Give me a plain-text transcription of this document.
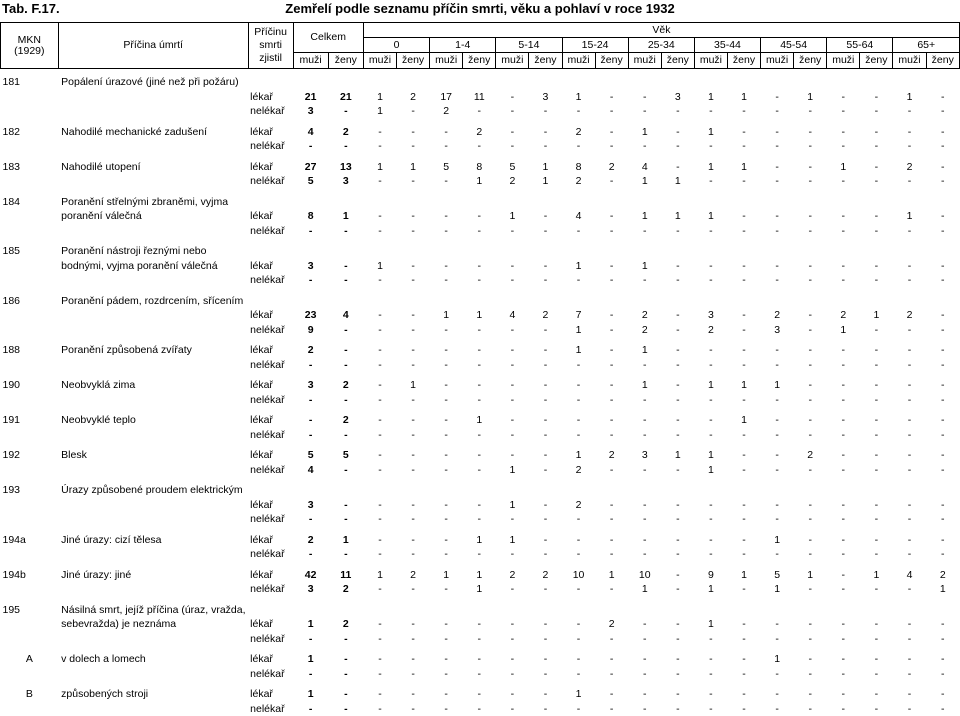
Tab. F.17.	Zemřelí podle seznamu příčin smrti, věku a pohlaví v roce 1932
MKN
(1929)	Příčina úmrtí	Příčinu smrti zjistil	Celkem		Věk																	
					0		1-4		5-14		15-24		25-34		35-44		45-54		55-64		65+	
			muži	ženy	muži	ženy	muži	ženy	muži	ženy	muži	ženy	muži	ženy	muži	ženy	muži	ženy	muži	ženy	muži	ženy

181	Popálení úrazové (jiné než při požáru)																					
		lékař	21	21	1	2	17	11	-	3	1	-	-	3	1	1	-	1	-	-	1	-
		nelékař	3	-	1	-	2	-	-	-	-	-	-	-	-	-	-	-	-	-	-	-

182	Nahodilé mechanické zadušení	lékař	4	2	-	-	-	2	-	-	2	-	1	-	1	-	-	-	-	-	-	-
		nelékař	-	-	-	-	-	-	-	-	-	-	-	-	-	-	-	-	-	-	-	-

183	Nahodilé utopení	lékař	27	13	1	1	5	8	5	1	8	2	4	-	1	1	-	-	1	-	2	-
		nelékař	5	3	-	-	-	1	2	1	2	-	1	1	-	-	-	-	-	-	-	-

184	Poranění střelnými zbraněmi, vyjma poranění válečná																					
		lékař	8	1	-	-	-	-	1	-	4	-	1	1	1	-	-	-	-	-	1	-
		nelékař	-	-	-	-	-	-	-	-	-	-	-	-	-	-	-	-	-	-	-	-

185	Poranění nástroji řeznými nebo bodnými, vyjma poranění válečná																					
		lékař	3	-	1	-	-	-	-	-	1	-	1	-	-	-	-	-	-	-	-	-
		nelékař	-	-	-	-	-	-	-	-	-	-	-	-	-	-	-	-	-	-	-	-

186	Poranění pádem, rozdrcením, sřícením																					
		lékař	23	4	-	-	1	1	4	2	7	-	2	-	3	-	2	-	2	1	2	-
		nelékař	9	-	-	-	-	-	-	-	1	-	2	-	2	-	3	-	1	-	-	-

188	Poranění způsobená zvířaty	lékař	2	-	-	-	-	-	-	-	1	-	1	-	-	-	-	-	-	-	-	-
		nelékař	-	-	-	-	-	-	-	-	-	-	-	-	-	-	-	-	-	-	-	-

190	Neobvyklá zima	lékař	3	2	-	1	-	-	-	-	-	-	1	-	1	1	1	-	-	-	-	-
		nelékař	-	-	-	-	-	-	-	-	-	-	-	-	-	-	-	-	-	-	-	-

191	Neobvyklé teplo	lékař	-	2	-	-	-	1	-	-	-	-	-	-	-	1	-	-	-	-	-	-
		nelékař	-	-	-	-	-	-	-	-	-	-	-	-	-	-	-	-	-	-	-	-

192	Blesk	lékař	5	5	-	-	-	-	-	-	1	2	3	1	1	-	-	2	-	-	-	-
		nelékař	4	-	-	-	-	-	1	-	2	-	-	-	1	-	-	-	-	-	-	-

193	Úrazy způsobené proudem elektrickým																					
		lékař	3	-	-	-	-	-	1	-	2	-	-	-	-	-	-	-	-	-	-	-
		nelékař	-	-	-	-	-	-	-	-	-	-	-	-	-	-	-	-	-	-	-	-

194a	Jiné úrazy: cizí tělesa	lékař	2	1	-	-	-	1	1	-	-	-	-	-	-	-	1	-	-	-	-	-
		nelékař	-	-	-	-	-	-	-	-	-	-	-	-	-	-	-	-	-	-	-	-

194b	Jiné úrazy: jiné	lékař	42	11	1	2	1	1	2	2	10	1	10	-	9	1	5	1	-	1	4	2
		nelékař	3	2	-	-	-	1	-	-	-	-	1	-	1	-	1	-	-	-	-	1

195	Násilná smrt, jejíž příčina (úraz, vražda, sebevražda) je neznáma																					
		lékař	1	2	-	-	-	-	-	-	-	2	-	-	1	-	-	-	-	-	-	-
		nelékař	-	-	-	-	-	-	-	-	-	-	-	-	-	-	-	-	-	-	-	-

A	v dolech a lomech	lékař	1	-	-	-	-	-	-	-	-	-	-	-	-	-	1	-	-	-	-	-
		nelékař	-	-	-	-	-	-	-	-	-	-	-	-	-	-	-	-	-	-	-	-

B	způsobených stroji	lékař	1	-	-	-	-	-	-	-	1	-	-	-	-	-	-	-	-	-	-	-
		nelékař	-	-	-	-	-	-	-	-	-	-	-	-	-	-	-	-	-	-	-	-
